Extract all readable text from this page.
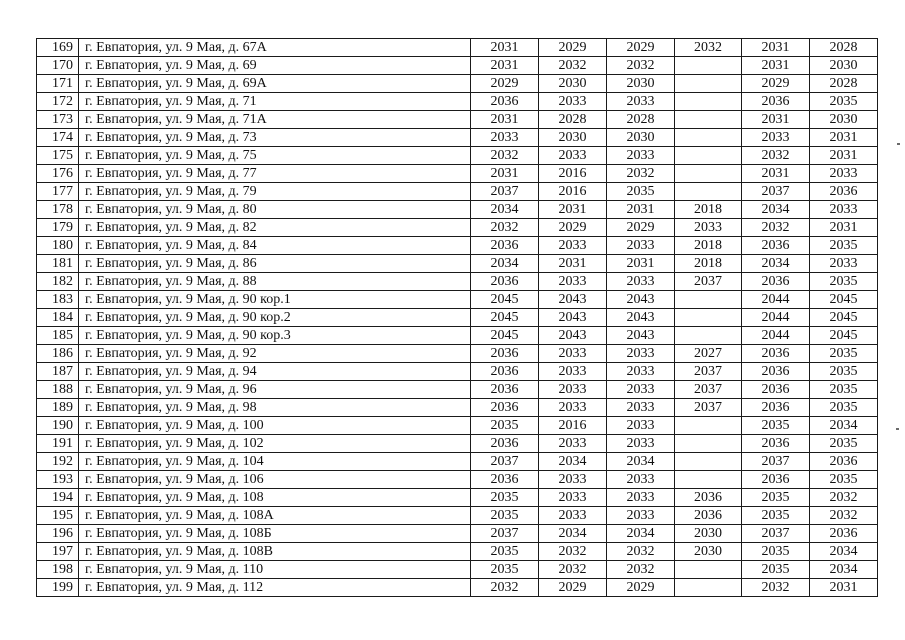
169	г. Евпатория, ул. 9 Мая, д. 67А	2031	2029	2029	2032	2031	2028
170	г. Евпатория, ул. 9 Мая, д. 69	2031	2032	2032		2031	2030
171	г. Евпатория, ул. 9 Мая, д. 69А	2029	2030	2030		2029	2028
172	г. Евпатория, ул. 9 Мая, д. 71	2036	2033	2033		2036	2035
173	г. Евпатория, ул. 9 Мая, д. 71А	2031	2028	2028		2031	2030
174	г. Евпатория, ул. 9 Мая, д. 73	2033	2030	2030		2033	2031
175	г. Евпатория, ул. 9 Мая, д. 75	2032	2033	2033		2032	2031
176	г. Евпатория, ул. 9 Мая, д. 77	2031	2016	2032		2031	2033
177	г. Евпатория, ул. 9 Мая, д. 79	2037	2016	2035		2037	2036
178	г. Евпатория, ул. 9 Мая, д. 80	2034	2031	2031	2018	2034	2033
179	г. Евпатория, ул. 9 Мая, д. 82	2032	2029	2029	2033	2032	2031
180	г. Евпатория, ул. 9 Мая, д. 84	2036	2033	2033	2018	2036	2035
181	г. Евпатория, ул. 9 Мая, д. 86	2034	2031	2031	2018	2034	2033
182	г. Евпатория, ул. 9 Мая, д. 88	2036	2033	2033	2037	2036	2035
183	г. Евпатория, ул. 9 Мая, д. 90 кор.1	2045	2043	2043		2044	2045
184	г. Евпатория, ул. 9 Мая, д. 90 кор.2	2045	2043	2043		2044	2045
185	г. Евпатория, ул. 9 Мая, д. 90 кор.3	2045	2043	2043		2044	2045
186	г. Евпатория, ул. 9 Мая, д. 92	2036	2033	2033	2027	2036	2035
187	г. Евпатория, ул. 9 Мая, д. 94	2036	2033	2033	2037	2036	2035
188	г. Евпатория, ул. 9 Мая, д. 96	2036	2033	2033	2037	2036	2035
189	г. Евпатория, ул. 9 Мая, д. 98	2036	2033	2033	2037	2036	2035
190	г. Евпатория, ул. 9 Мая, д. 100	2035	2016	2033		2035	2034
191	г. Евпатория, ул. 9 Мая, д. 102	2036	2033	2033		2036	2035
192	г. Евпатория, ул. 9 Мая, д. 104	2037	2034	2034		2037	2036
193	г. Евпатория, ул. 9 Мая, д. 106	2036	2033	2033		2036	2035
194	г. Евпатория, ул. 9 Мая, д. 108	2035	2033	2033	2036	2035	2032
195	г. Евпатория, ул. 9 Мая, д. 108А	2035	2033	2033	2036	2035	2032
196	г. Евпатория, ул. 9 Мая, д. 108Б	2037	2034	2034	2030	2037	2036
197	г. Евпатория, ул. 9 Мая, д. 108В	2035	2032	2032	2030	2035	2034
198	г. Евпатория, ул. 9 Мая, д. 110	2035	2032	2032		2035	2034
199	г. Евпатория, ул. 9 Мая, д. 112	2032	2029	2029		2032	2031
